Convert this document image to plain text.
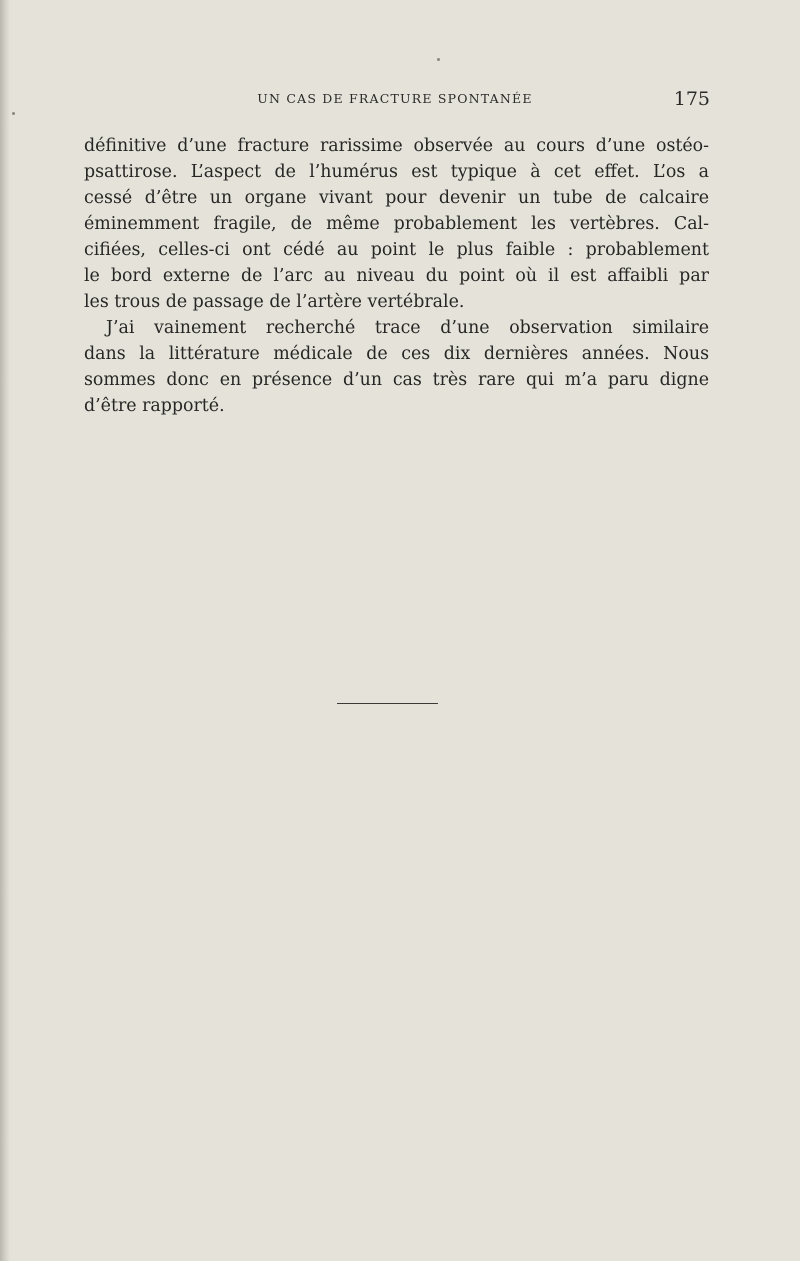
UN CAS DE FRACTURE SPONTANÉE	175

définitive d’une fracture rarissime observée au cours d’une ostéo-
psattirose. L’aspect de l’humérus est typique à cet effet. L’os a
cessé d’être un organe vivant pour devenir un tube de calcaire
éminemment fragile, de même probablement les vertèbres. Cal-
cifiées, celles-ci ont cédé au point le plus faible : probablement
le bord externe de l’arc au niveau du point où il est affaibli par
les trous de passage de l’artère vertébrale.

J’ai vainement recherché trace d’une observation similaire
dans la littérature médicale de ces dix dernières années. Nous
sommes donc en présence d’un cas très rare qui m’a paru digne
d’être rapporté.
